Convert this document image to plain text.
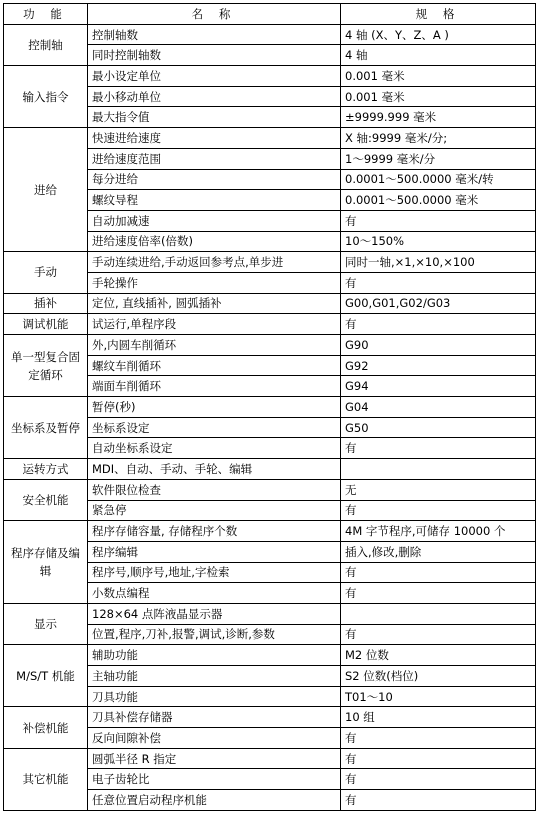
功 能	名 称	规 格
控制轴	控制轴数	4 轴 (X、Y、Z、A )
	同时控制轴数	4 轴
输入指令	最小设定单位	0.001 毫米
	最小移动单位	0.001 毫米
	最大指令值	±9999.999 毫米
进给	快速进给速度	X 轴:9999 毫米/分;
	进给速度范围	1～9999 毫米/分
	每分进给	0.0001～500.0000 毫米/转
	螺纹导程	0.0001～500.0000 毫米
	自动加减速	有
	进给速度倍率(倍数)	10～150%
手动	手动连续进给,手动返回参考点,单步进	同时一轴,×1,×10,×100
	手轮操作	有
插补	定位, 直线插补, 圆弧插补	G00,G01,G02/G03
调试机能	试运行,单程序段	有
单一型复合固定循环	外,内圆车削循环	G90
	螺纹车削循环	G92
	端面车削循环	G94
坐标系及暂停	暂停(秒)	G04
	坐标系设定	G50
	自动坐标系设定	有
运转方式	MDI、自动、手动、手轮、编辑	
安全机能	软件限位检查	无
	紧急停	有
程序存储及编辑	程序存储容量, 存储程序个数	4M 字节程序,可储存 10000 个
	程序编辑	插入,修改,删除
	程序号,顺序号,地址,字检索	有
	小数点编程	有
显示	128×64 点阵液晶显示器	
	位置,程序,刀补,报警,调试,诊断,参数	有
M/S/T 机能	辅助功能	M2 位数
	主轴功能	S2 位数(档位)
	刀具功能	T01～10
补偿机能	刀具补偿存储器	10 组
	反向间隙补偿	有
其它机能	圆弧半径 R 指定	有
	电子齿轮比	有
	任意位置启动程序机能	有
